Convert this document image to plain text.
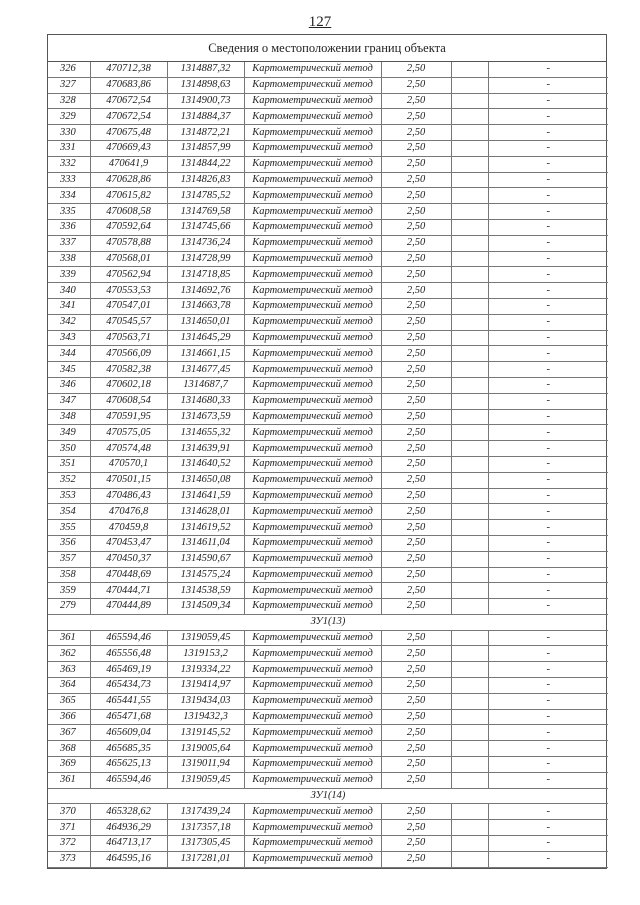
127
Сведения о местоположении границ объекта
326	470712,38	1314887,32	Картометрический метод	2,50		-
327	470683,86	1314898,63	Картометрический метод	2,50		-
328	470672,54	1314900,73	Картометрический метод	2,50		-
329	470672,54	1314884,37	Картометрический метод	2,50		-
330	470675,48	1314872,21	Картометрический метод	2,50		-
331	470669,43	1314857,99	Картометрический метод	2,50		-
332	470641,9	1314844,22	Картометрический метод	2,50		-
333	470628,86	1314826,83	Картометрический метод	2,50		-
334	470615,82	1314785,52	Картометрический метод	2,50		-
335	470608,58	1314769,58	Картометрический метод	2,50		-
336	470592,64	1314745,66	Картометрический метод	2,50		-
337	470578,88	1314736,24	Картометрический метод	2,50		-
338	470568,01	1314728,99	Картометрический метод	2,50		-
339	470562,94	1314718,85	Картометрический метод	2,50		-
340	470553,53	1314692,76	Картометрический метод	2,50		-
341	470547,01	1314663,78	Картометрический метод	2,50		-
342	470545,57	1314650,01	Картометрический метод	2,50		-
343	470563,71	1314645,29	Картометрический метод	2,50		-
344	470566,09	1314661,15	Картометрический метод	2,50		-
345	470582,38	1314677,45	Картометрический метод	2,50		-
346	470602,18	1314687,7	Картометрический метод	2,50		-
347	470608,54	1314680,33	Картометрический метод	2,50		-
348	470591,95	1314673,59	Картометрический метод	2,50		-
349	470575,05	1314655,32	Картометрический метод	2,50		-
350	470574,48	1314639,91	Картометрический метод	2,50		-
351	470570,1	1314640,52	Картометрический метод	2,50		-
352	470501,15	1314650,08	Картометрический метод	2,50		-
353	470486,43	1314641,59	Картометрический метод	2,50		-
354	470476,8	1314628,01	Картометрический метод	2,50		-
355	470459,8	1314619,52	Картометрический метод	2,50		-
356	470453,47	1314611,04	Картометрический метод	2,50		-
357	470450,37	1314590,67	Картометрический метод	2,50		-
358	470448,69	1314575,24	Картометрический метод	2,50		-
359	470444,71	1314538,59	Картометрический метод	2,50		-
279	470444,89	1314509,34	Картометрический метод	2,50		-
ЗУ1(13)						
361	465594,46	1319059,45	Картометрический метод	2,50		-
362	465556,48	1319153,2	Картометрический метод	2,50		-
363	465469,19	1319334,22	Картометрический метод	2,50		-
364	465434,73	1319414,97	Картометрический метод	2,50		-
365	465441,55	1319434,03	Картометрический метод	2,50		-
366	465471,68	1319432,3	Картометрический метод	2,50		-
367	465609,04	1319145,52	Картометрический метод	2,50		-
368	465685,35	1319005,64	Картометрический метод	2,50		-
369	465625,13	1319011,94	Картометрический метод	2,50		-
361	465594,46	1319059,45	Картометрический метод	2,50		-
ЗУ1(14)						
370	465328,62	1317439,24	Картометрический метод	2,50		-
371	464936,29	1317357,18	Картометрический метод	2,50		-
372	464713,17	1317305,45	Картометрический метод	2,50		-
373	464595,16	1317281,01	Картометрический метод	2,50		-
